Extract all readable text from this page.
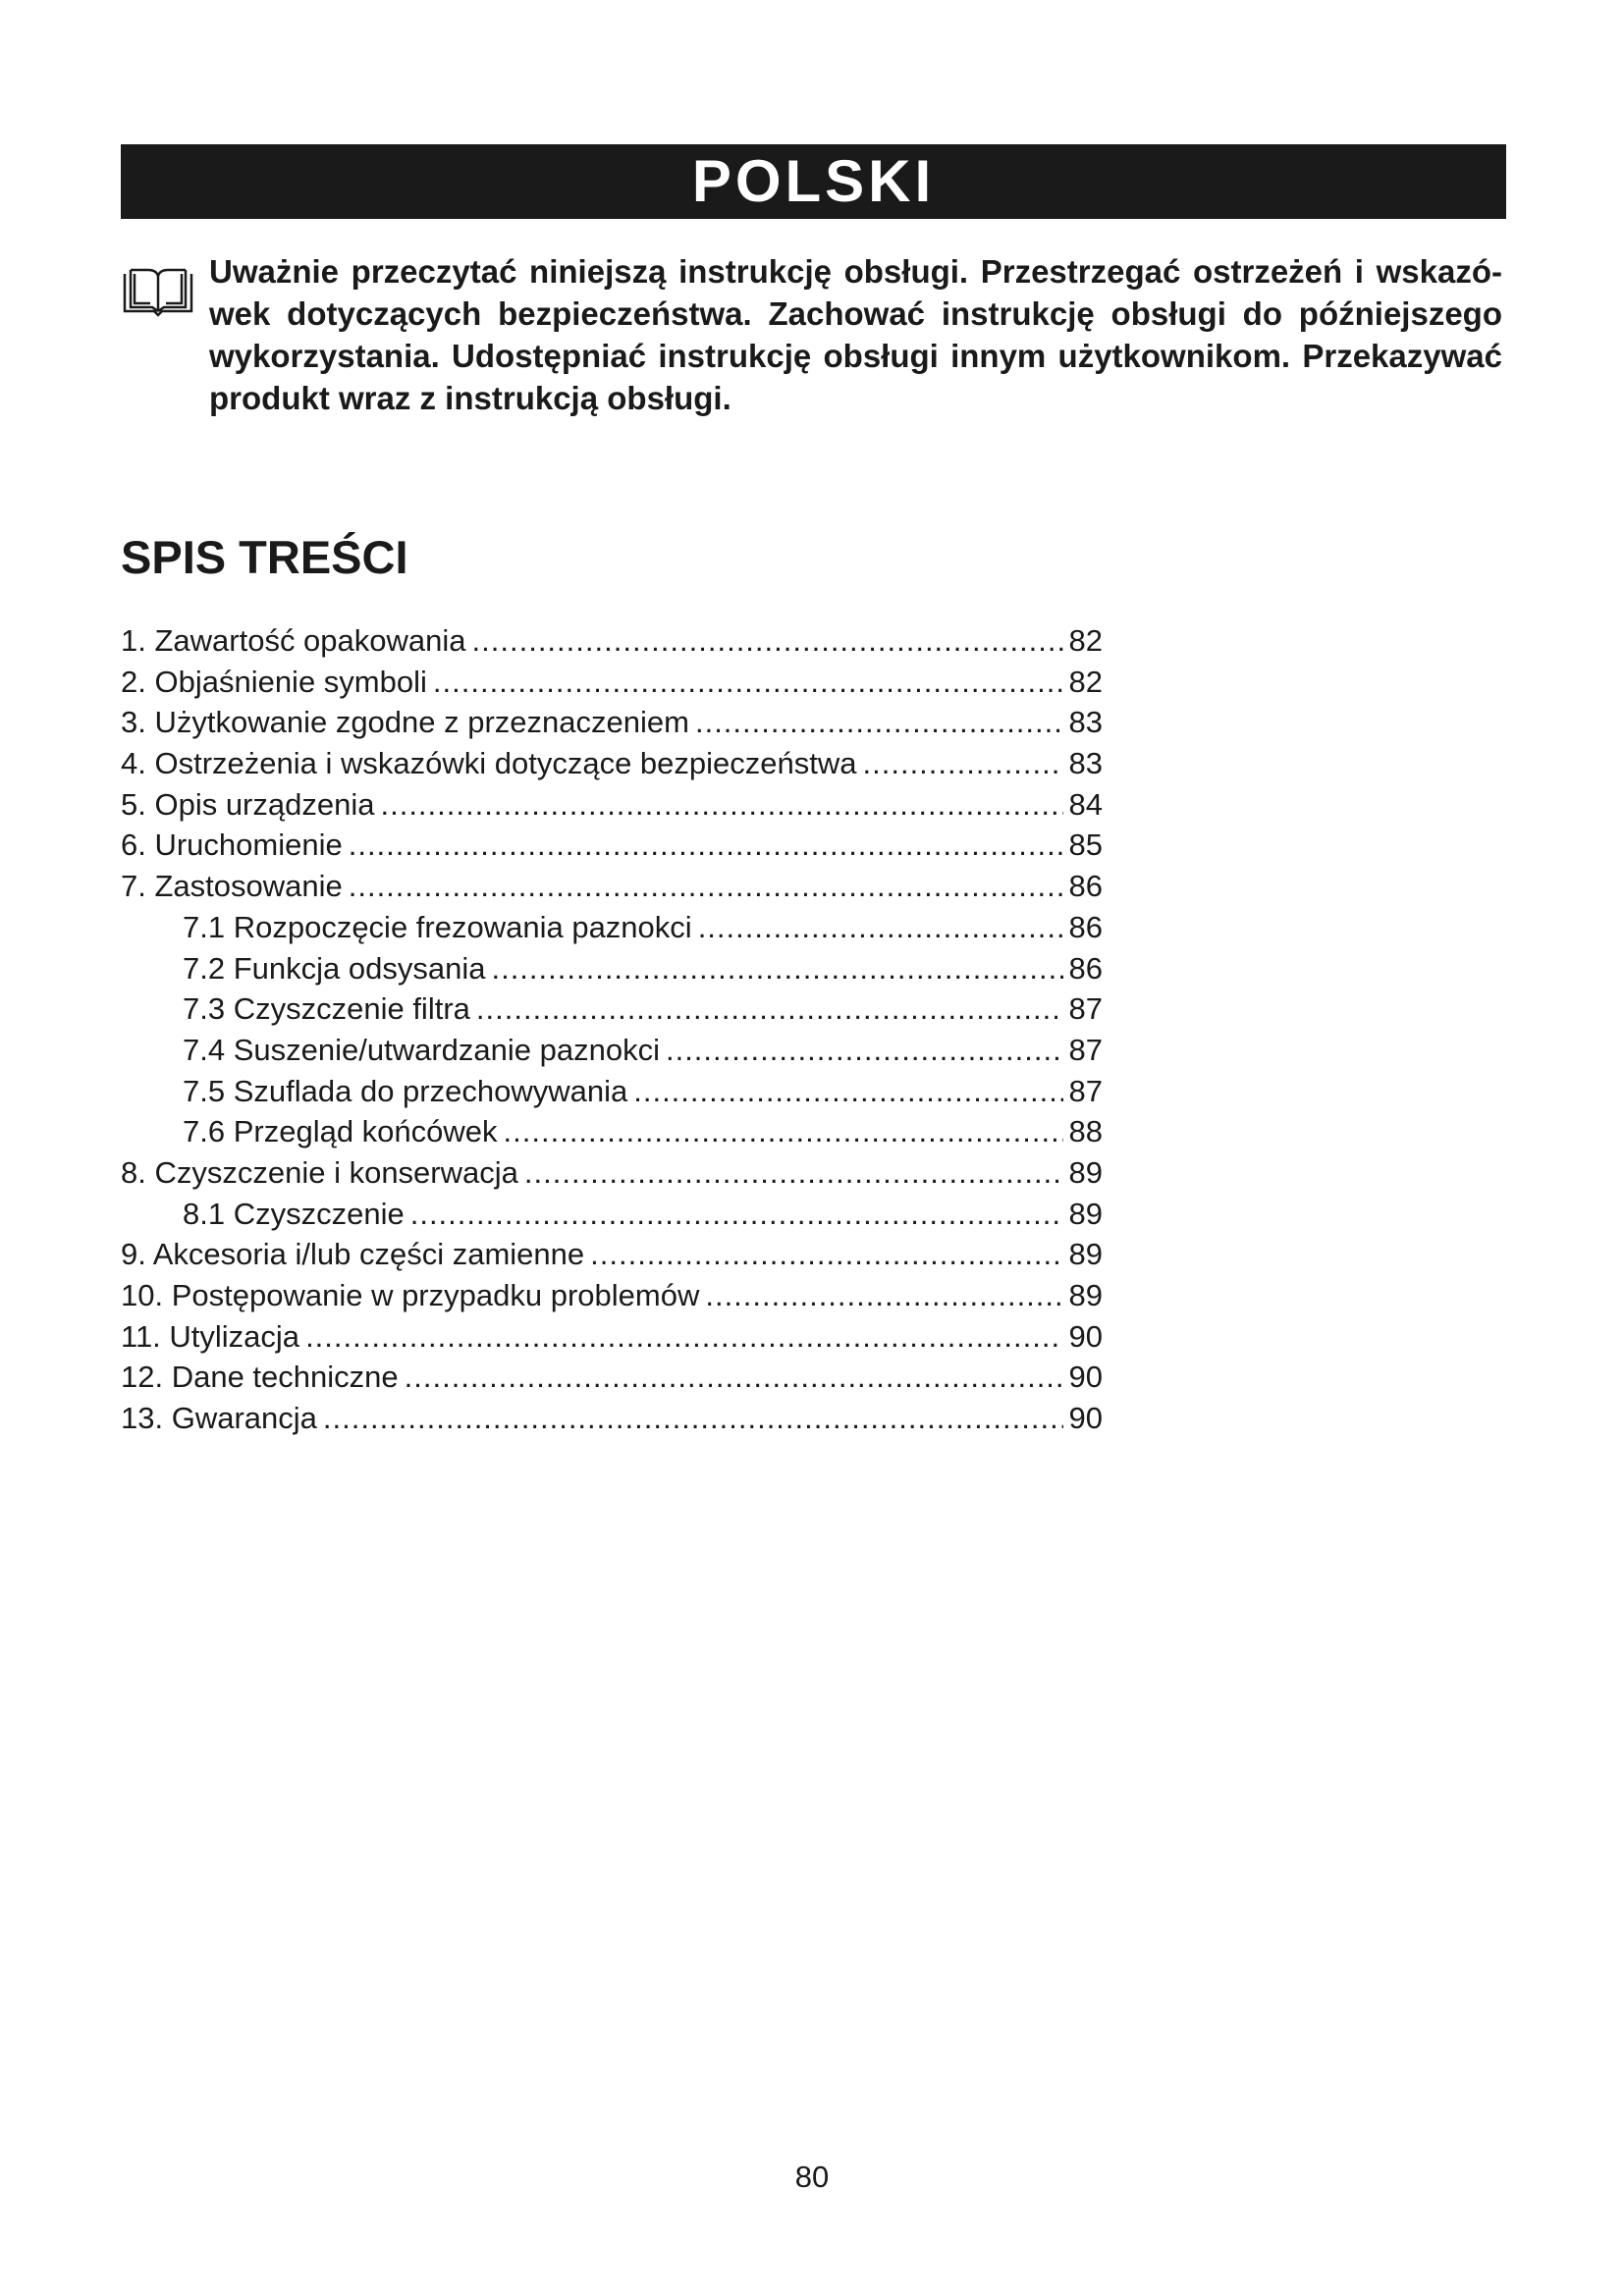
POLSKI

Uważnie przeczytać niniejszą instrukcję obsługi. Przestrzegać ostrzeżeń i wskazó-wek dotyczących bezpieczeństwa. Zachować instrukcję obsługi do późniejszego wykorzystania. Udostępniać instrukcję obsługi innym użytkownikom. Przekazywać produkt wraz z instrukcją obsługi.

SPIS TREŚCI
1. Zawartość opakowania .....	82
2. Objaśnienie symboli .....	82
3. Użytkowanie zgodne z przeznaczeniem .....	83
4. Ostrzeżenia i wskazówki dotyczące bezpieczeństwa .....	83
5. Opis urządzenia .....	84
6. Uruchomienie .....	85
7. Zastosowanie .....	86
7.1 Rozpoczęcie frezowania paznokci .....	86
7.2 Funkcja odsysania .....	86
7.3 Czyszczenie filtra .....	87
7.4 Suszenie/utwardzanie paznokci .....	87
7.5 Szuflada do przechowywania .....	87
7.6 Przegląd końcówek .....	88
8. Czyszczenie i konserwacja .....	89
8.1 Czyszczenie .....	89
9. Akcesoria i/lub części zamienne .....	89
10. Postępowanie w przypadku problemów .....	89
11. Utylizacja .....	90
12. Dane techniczne .....	90
13. Gwarancja .....	90
80
